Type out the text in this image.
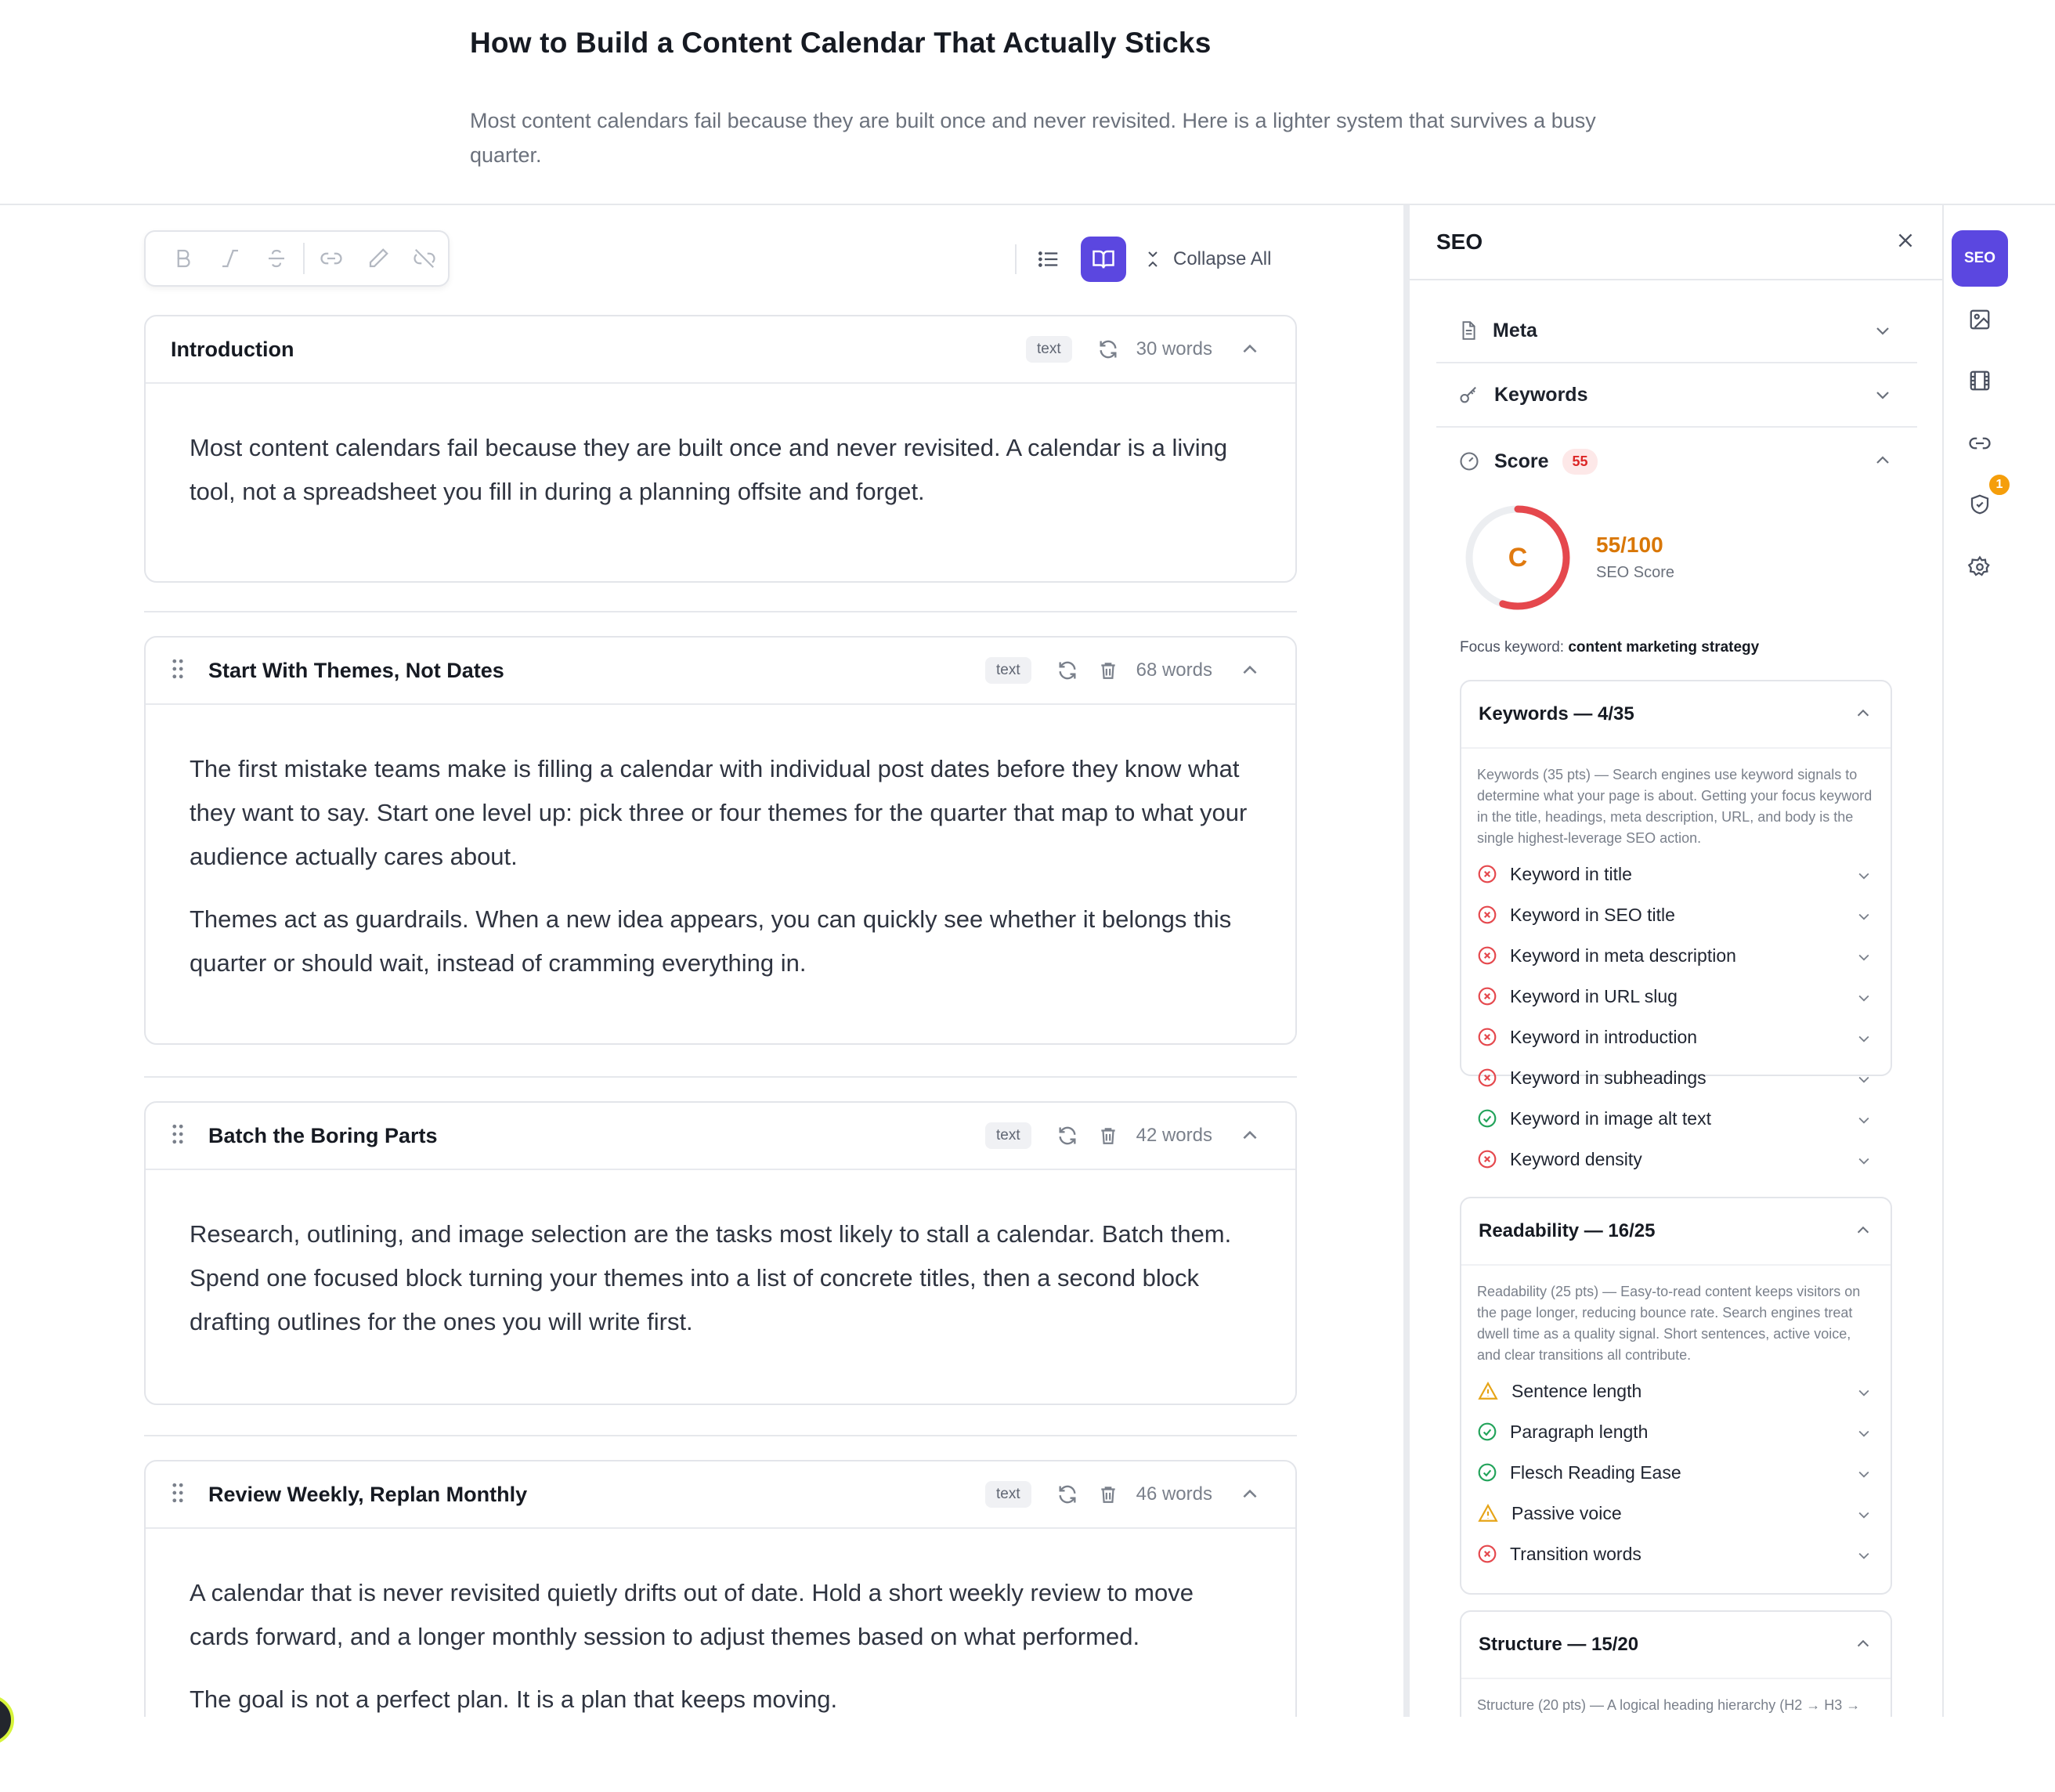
How to Build a Content Calendar That Actually Sticks
Most content calendars fail because they are built once and never revisited. Here is a lighter system that survives a busy quarter.
Collapse All
Introduction	text	30 words

Most content calendars fail because they are built once and never revisited. A calendar is a living tool, not a spreadsheet you fill in during a planning offsite and forget.

Start With Themes, Not Dates	text	68 words

The first mistake teams make is filling a calendar with individual post dates before they know what they want to say. Start one level up: pick three or four themes for the quarter that map to what your audience actually cares about.

Themes act as guardrails. When a new idea appears, you can quickly see whether it belongs this quarter or should wait, instead of cramming everything in.

Batch the Boring Parts	text	42 words

Research, outlining, and image selection are the tasks most likely to stall a calendar. Batch them. Spend one focused block turning your themes into a list of concrete titles, then a second block drafting outlines for the ones you will write first.

Review Weekly, Replan Monthly	text	46 words

A calendar that is never revisited quietly drifts out of date. Hold a short weekly review to move cards forward, and a longer monthly session to adjust themes based on what performed.

The goal is not a perfect plan. It is a plan that keeps moving.

SEO
Meta
Keywords
Score	55
C	55/100
SEO Score
Focus keyword: content marketing strategy
Keywords — 4/35
Keywords (35 pts) — Search engines use keyword signals to determine what your page is about. Getting your focus keyword in the title, headings, meta description, URL, and body is the single highest-leverage SEO action.
Keyword in title
Keyword in SEO title
Keyword in meta description
Keyword in URL slug
Keyword in introduction
Keyword in subheadings
Keyword in image alt text
Keyword density
Readability — 16/25
Readability (25 pts) — Easy-to-read content keeps visitors on the page longer, reducing bounce rate. Search engines treat dwell time as a quality signal. Short sentences, active voice, and clear transitions all contribute.
Sentence length
Paragraph length
Flesch Reading Ease
Passive voice
Transition words
Structure — 15/20
Structure (20 pts) — A logical heading hierarchy (H2 → H3 →
SEO
1
